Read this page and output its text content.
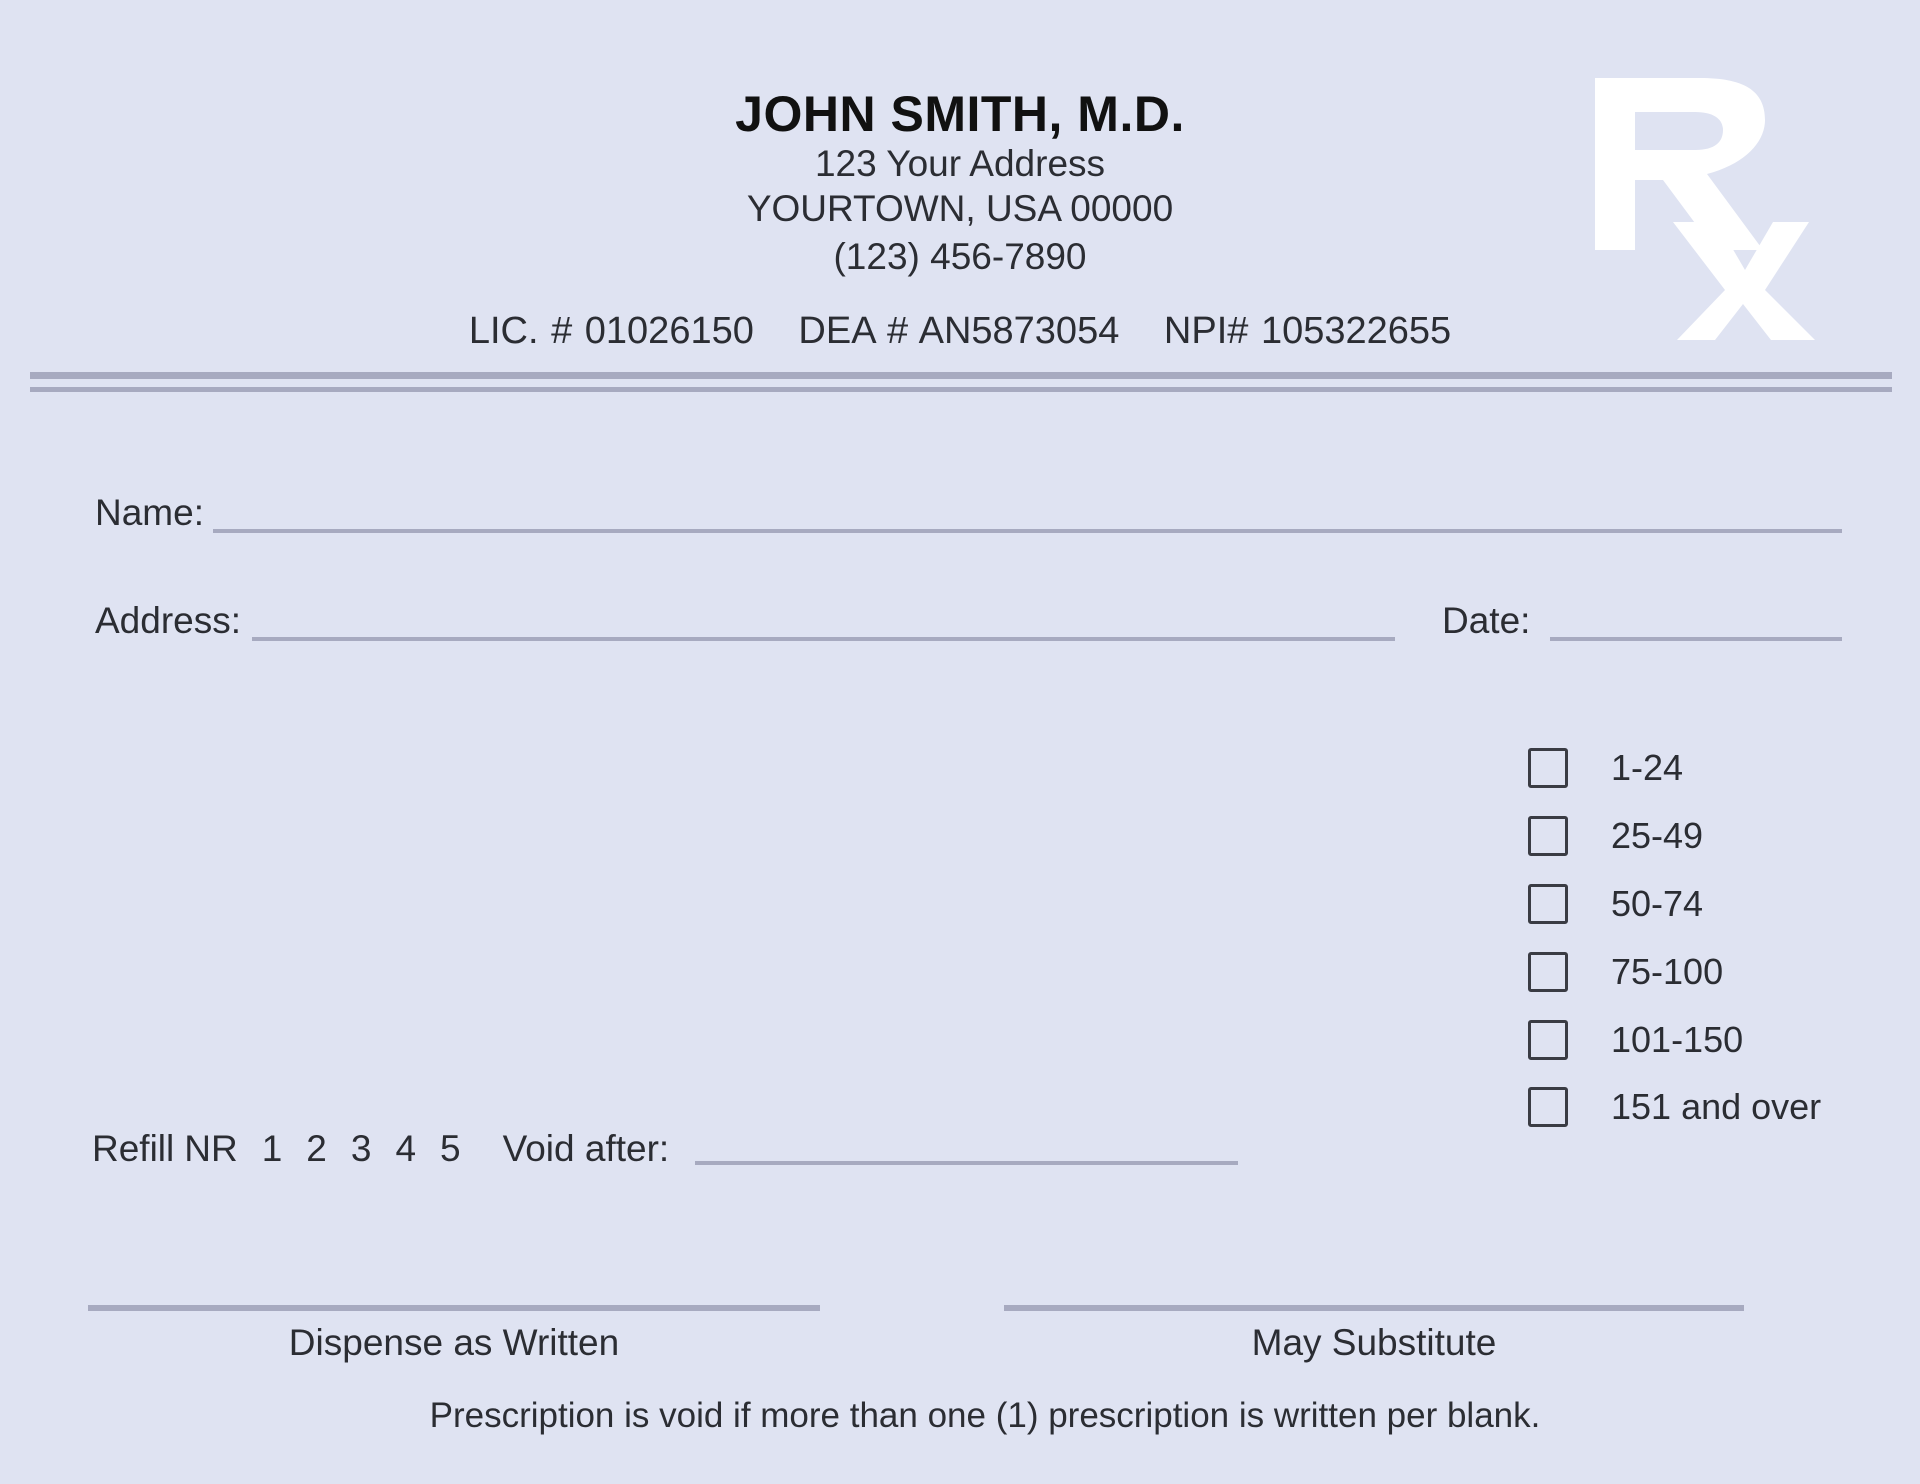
JOHN SMITH, M.D.
123 Your Address
YOURTOWN, USA 00000
(123) 456-7890
LIC. # 01026150 DEA # AN5873054 NPI# 105322655
Name:
Address:	Date:
1-24
25-49
50-74
75-100
101-150
151 and over
Refill NR 1 2 3 4 5 Void after:
Dispense as Written	May Substitute
Prescription is void if more than one (1) prescription is written per blank.
